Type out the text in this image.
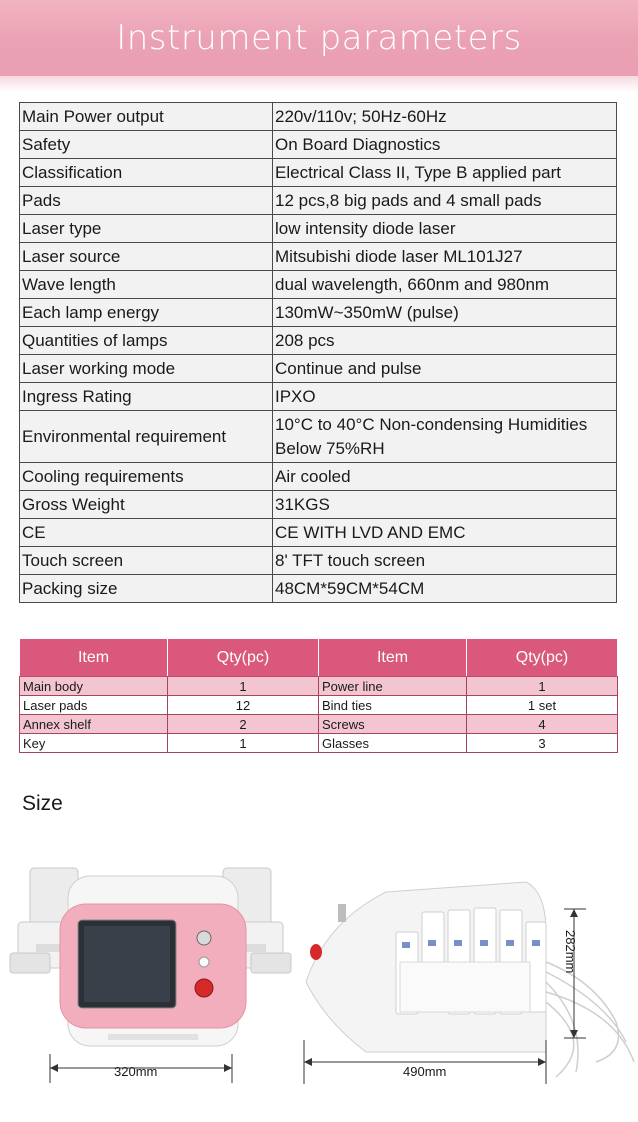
Instrument parameters
Main Power output	220v/110v; 50Hz-60Hz
Safety	On Board Diagnostics
Classification	Electrical Class II, Type B applied part
Pads	12 pcs,8 big pads and 4 small pads
Laser type	low intensity diode laser
Laser source	Mitsubishi diode laser ML101J27
Wave length	dual wavelength, 660nm and 980nm
Each lamp energy	130mW~350mW (pulse)
Quantities of lamps	208 pcs
Laser working mode	Continue and pulse
Ingress Rating	IPXO
Environmental requirement	10°C to 40°C Non-condensing Humidities Below 75%RH
Cooling requirements	Air cooled
Gross Weight	31KGS
CE	CE WITH LVD AND EMC
Touch screen	8' TFT touch screen
Packing size	48CM*59CM*54CM
Item	Qty(pc)	Item	Qty(pc)
Main body	1	Power line	1
Laser pads	12	Bind ties	1 set
Annex shelf	2	Screws	4
Key	1	Glasses	3
Size
320mm	490mm
282mm
